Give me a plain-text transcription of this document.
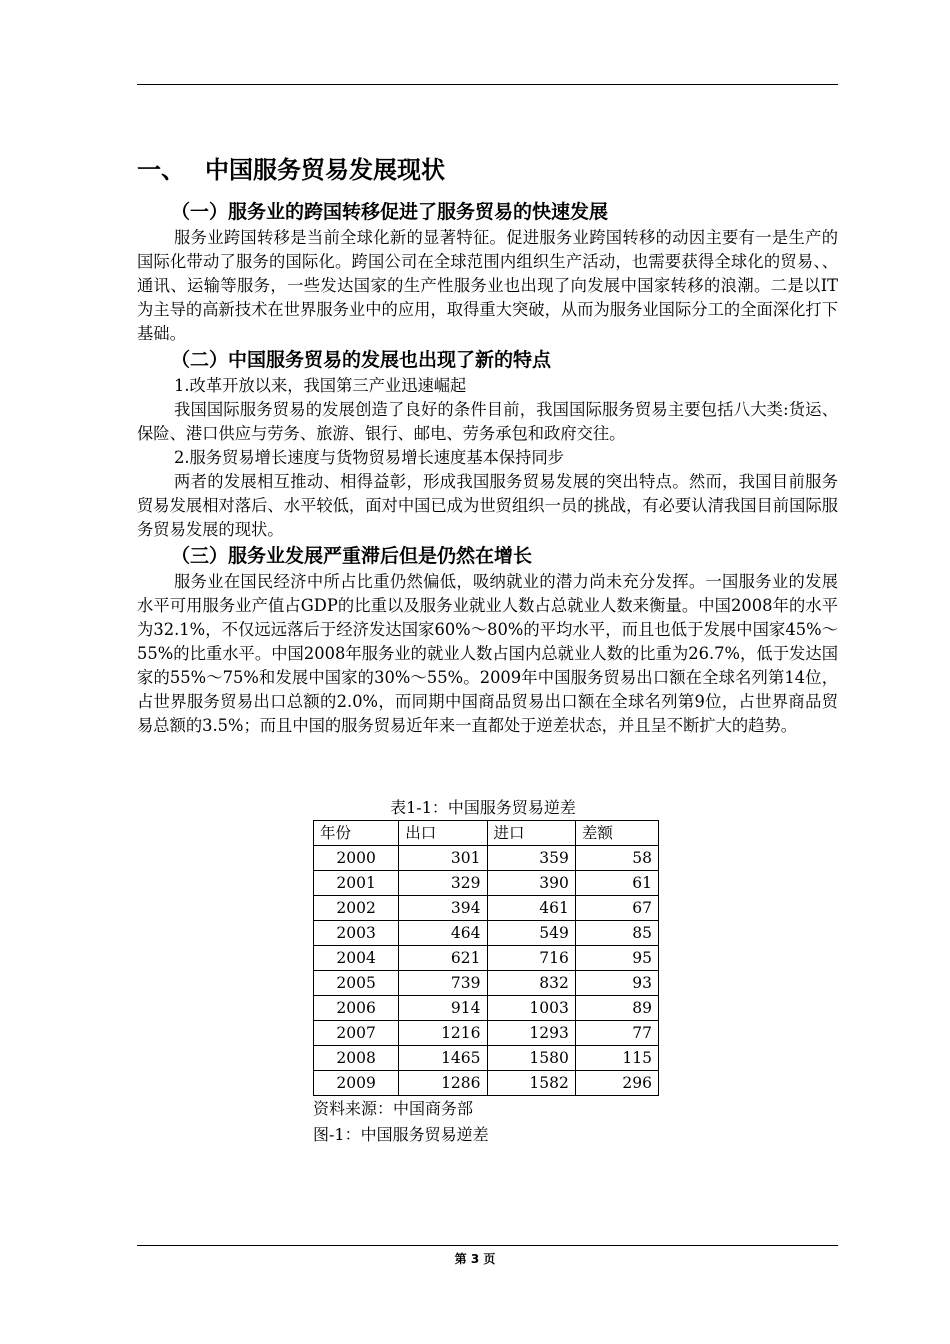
一、 中国服务贸易发展现状
（一）服务业的跨国转移促进了服务贸易的快速发展

服务业跨国转移是当前全球化新的显著特征。促进服务业跨国转移的动因主要有一是生产的国际化带动了服务的国际化。跨国公司在全球范围内组织生产活动，也需要获得全球化的贸易、、通讯、运输等服务，一些发达国家的生产性服务业也出现了向发展中国家转移的浪潮。二是以IT为主导的高新技术在世界服务业中的应用，取得重大突破，从而为服务业国际分工的全面深化打下基础。

（二）中国服务贸易的发展也出现了新的特点

1.改革开放以来，我国第三产业迅速崛起

我国国际服务贸易的发展创造了良好的条件目前，我国国际服务贸易主要包括八大类:货运、保险、港口供应与劳务、旅游、银行、邮电、劳务承包和政府交往。

2.服务贸易增长速度与货物贸易增长速度基本保持同步

两者的发展相互推动、相得益彰，形成我国服务贸易发展的突出特点。然而，我国目前服务贸易发展相对落后、水平较低，面对中国已成为世贸组织一员的挑战，有必要认清我国目前国际服务贸易发展的现状。

（三）服务业发展严重滞后但是仍然在增长

服务业在国民经济中所占比重仍然偏低，吸纳就业的潜力尚未充分发挥。一国服务业的发展水平可用服务业产值占GDP的比重以及服务业就业人数占总就业人数来衡量。中国2008年的水平为32.1%，不仅远远落后于经济发达国家60%～80%的平均水平，而且也低于发展中国家45%～55%的比重水平。中国2008年服务业的就业人数占国内总就业人数的比重为26.7%，低于发达国家的55%～75%和发展中国家的30%～55%。2009年中国服务贸易出口额在全球名列第14位，占世界服务贸易出口总额的2.0%，而同期中国商品贸易出口额在全球名列第9位，占世界商品贸易总额的3.5%；而且中国的服务贸易近年来一直都处于逆差状态，并且呈不断扩大的趋势。

表1-1：中国服务贸易逆差
年份	出口	进口	差额
2000	301	359	58
2001	329	390	61
2002	394	461	67
2003	464	549	85
2004	621	716	95
2005	739	832	93
2006	914	1003	89
2007	1216	1293	77
2008	1465	1580	115
2009	1286	1582	296
资料来源：中国商务部
图-1：中国服务贸易逆差
第 3 页
